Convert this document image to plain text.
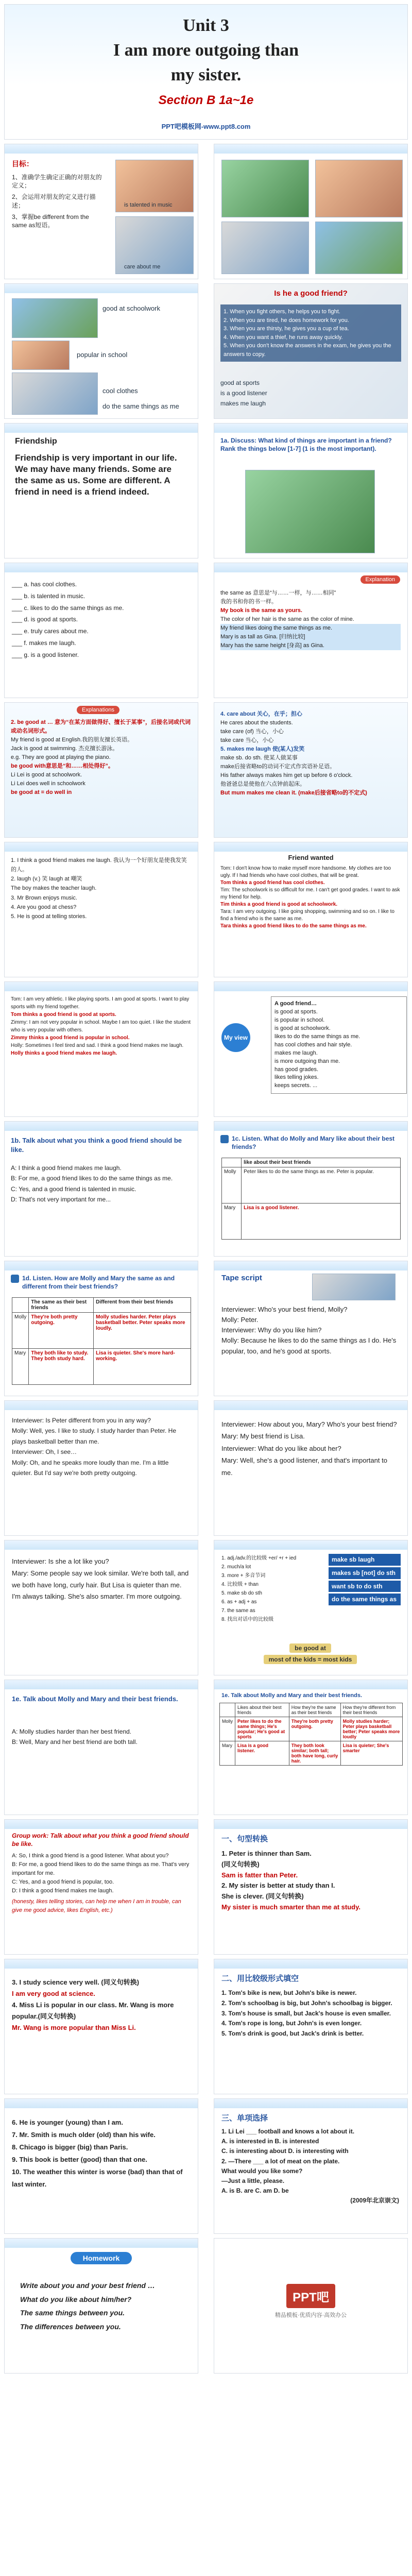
Unit 3
I am more outgoing than
my sister.
Section B 1a~1e
PPT吧模板网-www.ppt8.com
目标：
1、准确学生确定正确的对朋友的定义；
2、会运用对朋友的定义进行描述；
3、掌握be different from the same as短语。
is talented in music
care about me
good at schoolwork
popular in school
cool clothes
do the same things as me
Is he a good friend?
1. When you fight others, he helps you to fight.
2. When you are tired, he does homework for you.
3. When you are thirsty, he gives you a cup of tea.
4. When you want a thief, he runs away quickly.
5. When you don't know the answers in the exam, he gives you the answers to copy.
good at sports
is a good listener
makes me laugh
Friendship
Friendship is very important in our life. We may have many friends. Some are the same as us. Some are different. A friend in need is a friend indeed.
1a. Discuss: What kind of things are important in a friend? Rank the things below [1-7] (1 is the most important).
___ a. has cool clothes.
___ b. is talented in music.
___ c. likes to do the same things as me.
___ d. is good at sports.
___ e. truly cares about me.
___ f. makes me laugh.
___ g. is a good listener.
Explanation
the same as 意思是“与……一样，与……相同”
我的书和你的书一样。
My book is the same as yours.
The color of her hair is the same as the color of mine.
My friend likes doing the same things as me.
Mary is as tall as Gina. [归纳比较]
Mary has the same height [身高] as Gina.
Explanations
2. be good at … 意为“在某方面做得好、擅长于某事”，后接名词或代词或动名词形式。
My friend is good at English.我的朋友擅长英语。
Jack is good at swimming. 杰克擅长游泳。
e.g. They are good at playing the piano.
be good with意思是“和……相处得好”。
Li Lei is good at schoolwork.
Li Lei does well in schoolwork
be good at = do well in
4. care about 关心，在乎；担心
He cares about the students.
take care (of) 当心，小心
take care 当心，小心
5. makes me laugh 使(某人)发笑
make sb. do sth. 使某人做某事
make后接省略to的动词不定式作宾语补足语。
His father always makes him get up before 6 o'clock.
他爸爸总是使他在六点钟前起床。
But mum makes me clean it. (make后接省略to的不定式)
1. I think a good friend makes me laugh. 我认为一个好朋友是使我发笑的人。
2. laugh (v.) 笑 laugh at 嘲笑
The boy makes the teacher laugh.
3. Mr Brown enjoys music.
4. Are you good at chess?
5. He is good at telling stories.
Friend wanted
Tom: I don't know how to make myself more handsome. My clothes are too ugly. If I had friends who have cool clothes, that will be great.
Tom thinks a good friend has cool clothes.
Tim: The schoolwork is so difficult for me. I can't get good grades. I want to ask my friend for help.
Tim thinks a good friend is good at schoolwork.
Tara: I am very outgoing. I like going shopping, swimming and so on. I like to find a friend who is the same as me.
Tara thinks a good friend likes to do the same things as me.
Tom: I am very athletic. I like playing sports. I am good at sports. I want to play sports with my friend together.
Tom thinks a good friend is good at sports.
Zimmy: I am not very popular in school. Maybe I am too quiet. I like the student who is very popular with others.
Zimmy thinks a good friend is popular in school.
Holly: Sometimes I feel tired and sad. I think a good friend makes me laugh.
Holly thinks a good friend makes me laugh.
My view
A good friend…
is good at sports.
is popular in school.
is good at schoolwork.
likes to do the same things as me.
has cool clothes and hair style.
makes me laugh.
is more outgoing than me.
has good grades.
likes telling jokes.
keeps secrets. ...
1b. Talk about what you think a good friend should be like.
A: I think a good friend makes me laugh.
B: For me, a good friend likes to do the same things as me.
C: Yes, and a good friend is talented in music.
D: That's not very important for me...
1c. Listen. What do Molly and Mary like about their best friends?
	like about their best friends
Molly	Peter likes to do the same things as me. Peter is popular.
Mary	Lisa is a good listener.
1d. Listen. How are Molly and Mary the same as and different from their best friends?
	The same as their best friends	Different from their best friends
Molly	They're both pretty outgoing.	Molly studies harder. Peter plays basketball better. Peter speaks more loudly.
Mary	They both like to study. They both study hard.	Lisa is quieter. She's more hard-working.
Tape script
Interviewer: Who's your best friend, Molly?
Molly: Peter.
Interviewer: Why do you like him?
Molly: Because he likes to do the same things as I do. He's popular, too, and he's good at sports.
Interviewer: Is Peter different from you in any way?
Molly: Well, yes. I like to study. I study harder than Peter. He plays basketball better than me.
Interviewer: Oh, I see…
Molly: Oh, and he speaks more loudly than me. I'm a little quieter. But I'd say we're both pretty outgoing.
Interviewer: How about you, Mary? Who's your best friend?
Mary: My best friend is Lisa.
Interviewer: What do you like about her?
Mary: Well, she's a good listener, and that's important to me.
Interviewer: Is she a lot like you?
Mary: Some people say we look similar. We're both tall, and we both have long, curly hair. But Lisa is quieter than me. I'm always talking. She's also smarter. I'm more outgoing.
1. adj./adv.的比较级 +er/ +r + ied
2. much/a lot
3. more + 多音节词
4. 比较级 + than
5. make sb do sth
6. as + adj + as
7. the same as
8. 找出对话中的比较级
make sb laugh
makes sb [not] do sth
want sb to do sth
do the same things as
be good at
most of the kids = most kids
1e. Talk about Molly and Mary and their best friends.
A: Molly studies harder than her best friend.
B: Well, Mary and her best friend are both tall.
1e. Talk about Molly and Mary and their best friends.
	Likes about their best friends	How they're the same as their best friends	How they're different from their best friends
Molly	Peter likes to do the same things; He's popular; He's good at sports	They're both pretty outgoing.	Molly studies harder; Peter plays basketball better; Peter speaks more loudly
Mary	Lisa is a good listener.	They both look similar; both tall; both have long, curly hair.	Lisa is quieter; She's smarter
Group work: Talk about what you think a good friend should be like.
A: So, I think a good friend is a good listener. What about you?
B: For me, a good friend likes to do the same things as me. That's very important for me.
C: Yes, and a good friend is popular, too.
D: I think a good friend makes me laugh.
(honesty, likes telling stories, can help me when I am in trouble, can give me good advice, likes English, etc.)
一、句型转换
1. Peter is thinner than Sam.
(同义句转换)
Sam is fatter than Peter.
2. My sister is better at study than I.
She is clever. (同义句转换)
My sister is much smarter than me at study.
3. I study science very well. (同义句转换)
I am very good at science.
4. Miss Li is popular in our class. Mr. Wang is more popular.(同义句转换)
Mr. Wang is more popular than Miss Li.
二、用比较级形式填空
1. Tom's bike is new, but John's bike is newer.
2. Tom's schoolbag is big, but John's schoolbag is bigger.
3. Tom's house is small, but Jack's house is even smaller.
4. Tom's rope is long, but John's is even longer.
5. Tom's drink is good, but Jack's drink is better.
6. He is younger (young) than I am.
7. Mr. Smith is much older (old) than his wife.
8. Chicago is bigger (big) than Paris.
9. This book is better (good) than that one.
10. The weather this winter is worse (bad) than that of last winter.
三、单项选择
1. Li Lei ___ football and knows a lot about it.
A. is interested in B. is interested
C. is interesting about D. is interesting with
2. —There ___ a lot of meat on the plate.
What would you like some?
—Just a little, please.
A. is B. are C. am D. be
(2009年北京崇文)
Homework
Write about you and your best friend …
What do you like about him/her?
The same things between you.
The differences between you.
PPT吧
精品模板·优质内容·高效办公
